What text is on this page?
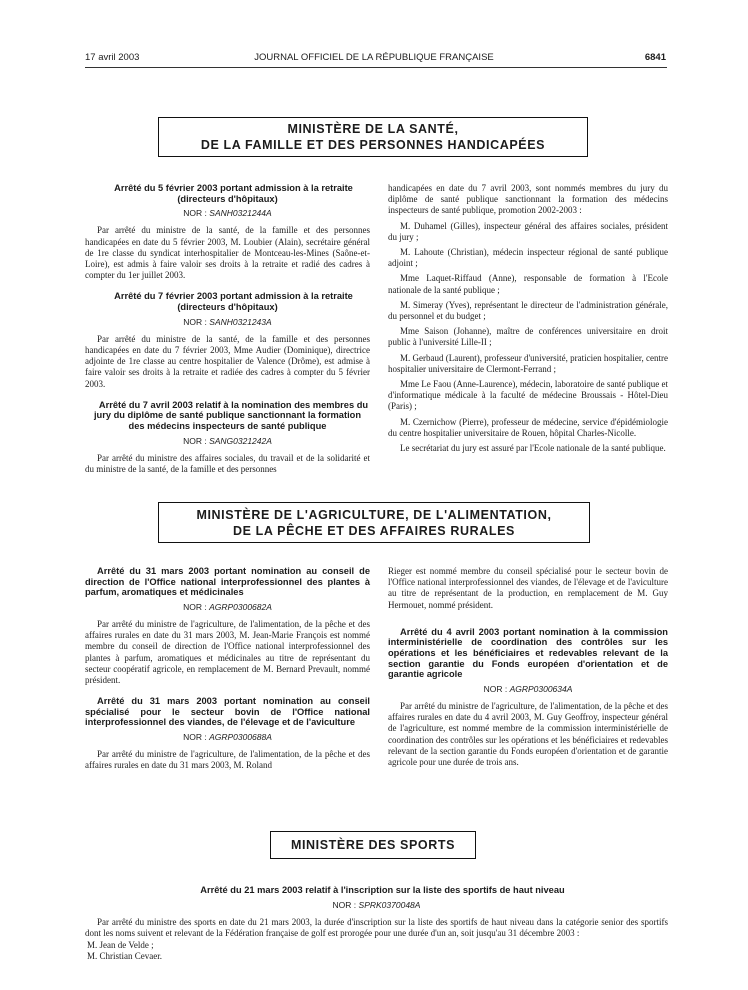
17 avril 2003	JOURNAL OFFICIEL DE LA RÉPUBLIQUE FRANÇAISE	6841
MINISTÈRE DE LA SANTÉ,
DE LA FAMILLE ET DES PERSONNES HANDICAPÉES

Arrêté du 5 février 2003 portant admission à la retraite (directeurs d'hôpitaux)

NOR : SANH0321244A

Par arrêté du ministre de la santé, de la famille et des personnes handicapées en date du 5 février 2003, M. Loubier (Alain), secrétaire général de 1re classe du syndicat interhospitalier de Montceau-les-Mines (Saône-et-Loire), est admis à faire valoir ses droits à la retraite et radié des cadres à compter du 1er juillet 2003.

Arrêté du 7 février 2003 portant admission à la retraite (directeurs d'hôpitaux)

NOR : SANH0321243A

Par arrêté du ministre de la santé, de la famille et des personnes handicapées en date du 7 février 2003, Mme Audier (Dominique), directrice adjointe de 1re classe au centre hospitalier de Valence (Drôme), est admise à faire valoir ses droits à la retraite et radiée des cadres à compter du 5 février 2003.

Arrêté du 7 avril 2003 relatif à la nomination des membres du jury du diplôme de santé publique sanctionnant la formation des médecins inspecteurs de santé publique

NOR : SANG0321242A

Par arrêté du ministre des affaires sociales, du travail et de la solidarité et du ministre de la santé, de la famille et des personnes

handicapées en date du 7 avril 2003, sont nommés membres du jury du diplôme de santé publique sanctionnant la formation des médecins inspecteurs de santé publique, promotion 2002-2003 :

M. Duhamel (Gilles), inspecteur général des affaires sociales, président du jury ;

M. Lahoute (Christian), médecin inspecteur régional de santé publique adjoint ;

Mme Laquet-Riffaud (Anne), responsable de formation à l'Ecole nationale de la santé publique ;

M. Simeray (Yves), représentant le directeur de l'administration générale, du personnel et du budget ;

Mme Saison (Johanne), maître de conférences universitaire en droit public à l'université Lille-II ;

M. Gerbaud (Laurent), professeur d'université, praticien hospitalier, centre hospitalier universitaire de Clermont-Ferrand ;

Mme Le Faou (Anne-Laurence), médecin, laboratoire de santé publique et d'informatique médicale à la faculté de médecine Broussais - Hôtel-Dieu (Paris) ;

M. Czernichow (Pierre), professeur de médecine, service d'épidémiologie du centre hospitalier universitaire de Rouen, hôpital Charles-Nicolle.

Le secrétariat du jury est assuré par l'Ecole nationale de la santé publique.

MINISTÈRE DE L'AGRICULTURE, DE L'ALIMENTATION,
DE LA PÊCHE ET DES AFFAIRES RURALES

Arrêté du 31 mars 2003 portant nomination au conseil de direction de l'Office national interprofessionnel des plantes à parfum, aromatiques et médicinales

NOR : AGRP0300682A

Par arrêté du ministre de l'agriculture, de l'alimentation, de la pêche et des affaires rurales en date du 31 mars 2003, M. Jean-Marie François est nommé membre du conseil de direction de l'Office national interprofessionnel des plantes à parfum, aromatiques et médicinales au titre de représentant du secteur coopératif agricole, en remplacement de M. Bernard Prevault, nommé président.

Arrêté du 31 mars 2003 portant nomination au conseil spécialisé pour le secteur bovin de l'Office national interprofessionnel des viandes, de l'élevage et de l'aviculture

NOR : AGRP0300688A

Par arrêté du ministre de l'agriculture, de l'alimentation, de la pêche et des affaires rurales en date du 31 mars 2003, M. Roland

Rieger est nommé membre du conseil spécialisé pour le secteur bovin de l'Office national interprofessionnel des viandes, de l'élevage et de l'aviculture au titre de représentant de la production, en remplacement de M. Guy Hermouet, nommé président.

Arrêté du 4 avril 2003 portant nomination à la commission interministérielle de coordination des contrôles sur les opérations et les bénéficiaires et redevables relevant de la section garantie du Fonds européen d'orientation et de garantie agricole

NOR : AGRP0300634A

Par arrêté du ministre de l'agriculture, de l'alimentation, de la pêche et des affaires rurales en date du 4 avril 2003, M. Guy Geoffroy, inspecteur général de l'agriculture, est nommé membre de la commission interministérielle de coordination des contrôles sur les opérations et les bénéficiaires et redevables relevant de la section garantie du Fonds européen d'orientation et de garantie agricole pour une durée de trois ans.

MINISTÈRE DES SPORTS

Arrêté du 21 mars 2003 relatif à l'inscription sur la liste des sportifs de haut niveau

NOR : SPRK0370048A

Par arrêté du ministre des sports en date du 21 mars 2003, la durée d'inscription sur la liste des sportifs de haut niveau dans la catégorie senior des sportifs dont les noms suivent et relevant de la Fédération française de golf est prorogée pour une durée d'un an, soit jusqu'au 31 décembre 2003 :

M. Jean de Velde ;
M. Christian Cevaer.
